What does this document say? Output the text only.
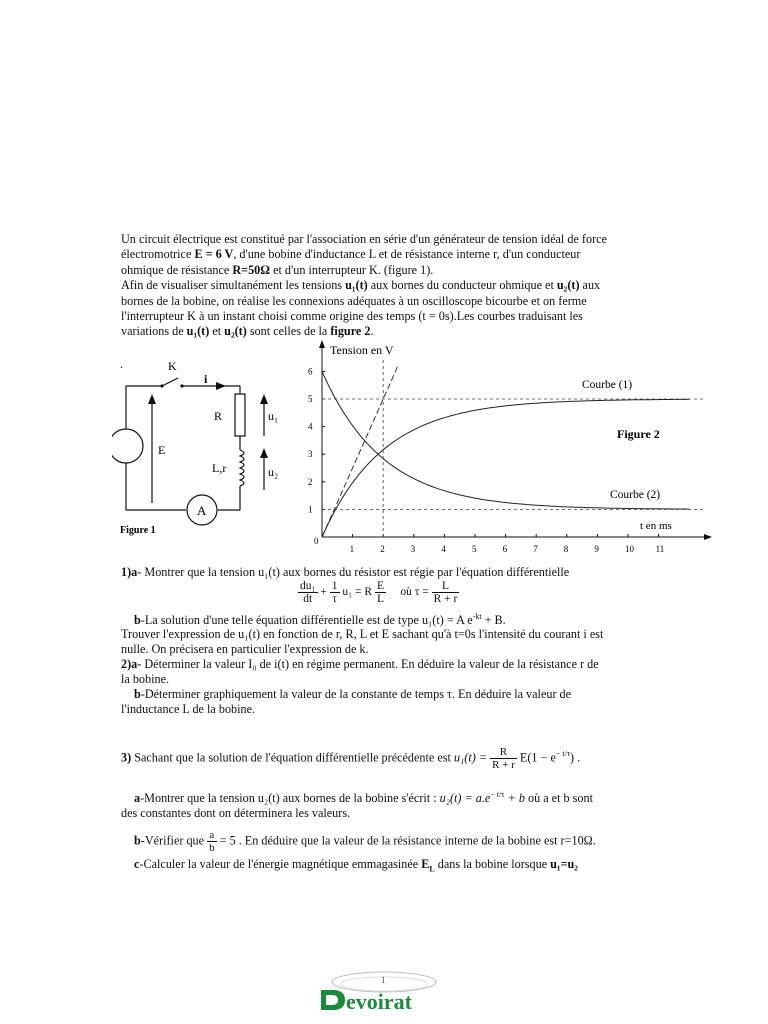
Un circuit électrique est constitué par l'association en série d'un générateur de tension idéal de force

électromotrice E = 6 V, d'une bobine d'inductance L et de résistance interne r, d'un conducteur

ohmique de résistance R=50Ω et d'un interrupteur K. (figure 1).

Afin de visualiser simultanément les tensions u₁(t) aux bornes du conducteur ohmique et u₂(t) aux

bornes de la bobine, on réalise les connexions adéquates à un oscilloscope bicourbe et on ferme

l'interrupteur K à un instant choisi comme origine des temps (t = 0s).Les courbes traduisant les

variations de u₁(t) et u₂(t) sont celles de la figure 2.

K
i
R
E
L,r
u₁
u₂
A
Figure 1
.
Tension en V
t en ms
Figure 2
0
Courbe (1)
Courbe (2)
1	2	3	4	5	6	7	8	9	10 11
1
2
3
4
5
6
1)a- Montrer que la tension u₁(t) aux bornes du résistor est régie par l'équation différentielle
$\frac{\text{du₁}}{dt} + \frac{1}{\tau} u_1 = R \frac{E}{L}$ où $\tau = \frac{L}{R + r}$
b-La solution d'une telle équation différentielle est de type u₁(t) = A $e^{-kt} + B$.
Trouver l'expression de u₁(t) en fonction de r, R, L et E sachant qu'à t=0s l'intensité du courant i est
nulle. On précisera en particulier l'expression de k.
2)a- Déterminer la valeur I₀ de i(t) en régime permanent. En déduire la valeur de la résistance r de
la bobine.
b-Déterminer graphiquement la valeur de la constante de temps τ. En déduire la valeur de
l'inductance L de la bobine.
3) Sachant que la solution de l'équation différentielle précédente est $u_1(t) = \frac{R}{R + r} E(1 - e^{- t/\tau})$ .
a-Montrer que la tension u₂(t) aux bornes de la bobine s'écrit : $u_2(t) = a.e^{- t/\tau} + b$ où a et b sont
des constantes dont on déterminera les valeurs.
b-Vérifier que $\frac{a}{b} = 5$ . En déduire que la valeur de la résistance interne de la bobine est r=10Ω.
c-Calculer la valeur de l'énergie magnétique emmagasinée $E_L$ dans la bobine lorsque u₁=u₂
1
evoirat
